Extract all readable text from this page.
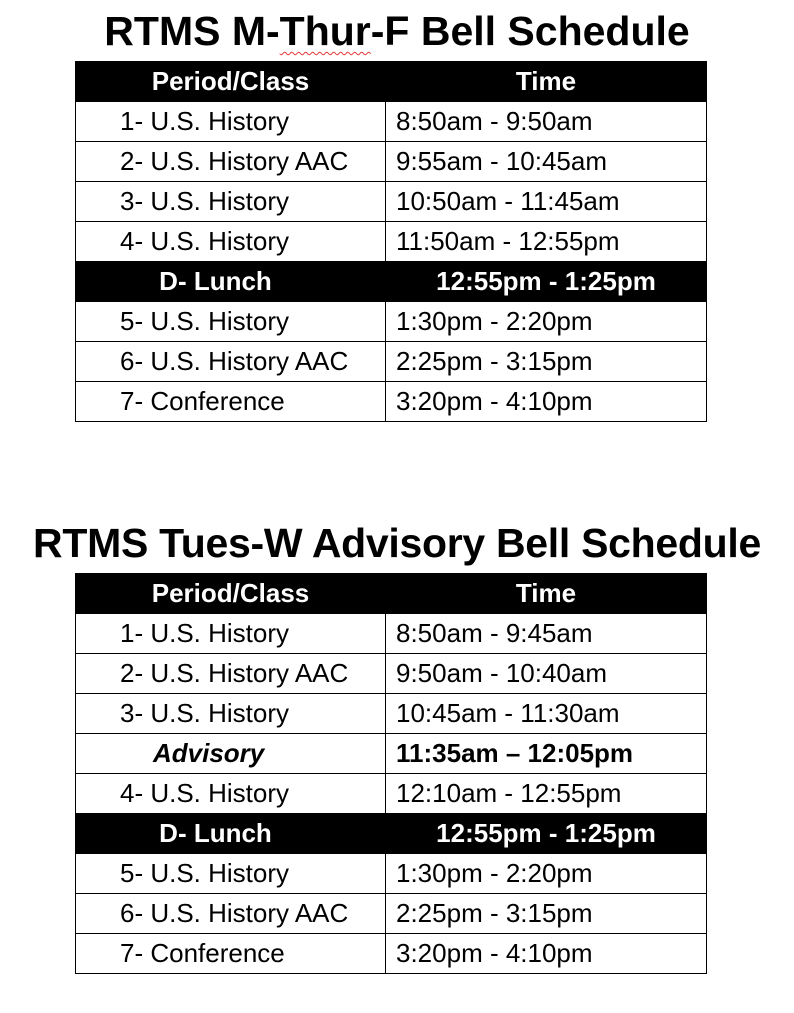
RTMS M-Thur-F Bell Schedule
Period/Class	Time
1- U.S. History	8:50am - 9:50am
2- U.S. History AAC	9:55am - 10:45am
3- U.S. History	10:50am - 11:45am
4- U.S. History	11:50am - 12:55pm
D- Lunch	12:55pm - 1:25pm
5- U.S. History	1:30pm - 2:20pm
6- U.S. History AAC	2:25pm - 3:15pm
7- Conference	3:20pm - 4:10pm
RTMS Tues-W Advisory Bell Schedule
Period/Class	Time
1- U.S. History	8:50am - 9:45am
2- U.S. History AAC	9:50am - 10:40am
3- U.S. History	10:45am - 11:30am
Advisory	11:35am – 12:05pm
4- U.S. History	12:10am - 12:55pm
D- Lunch	12:55pm - 1:25pm
5- U.S. History	1:30pm - 2:20pm
6- U.S. History AAC	2:25pm - 3:15pm
7- Conference	3:20pm - 4:10pm
